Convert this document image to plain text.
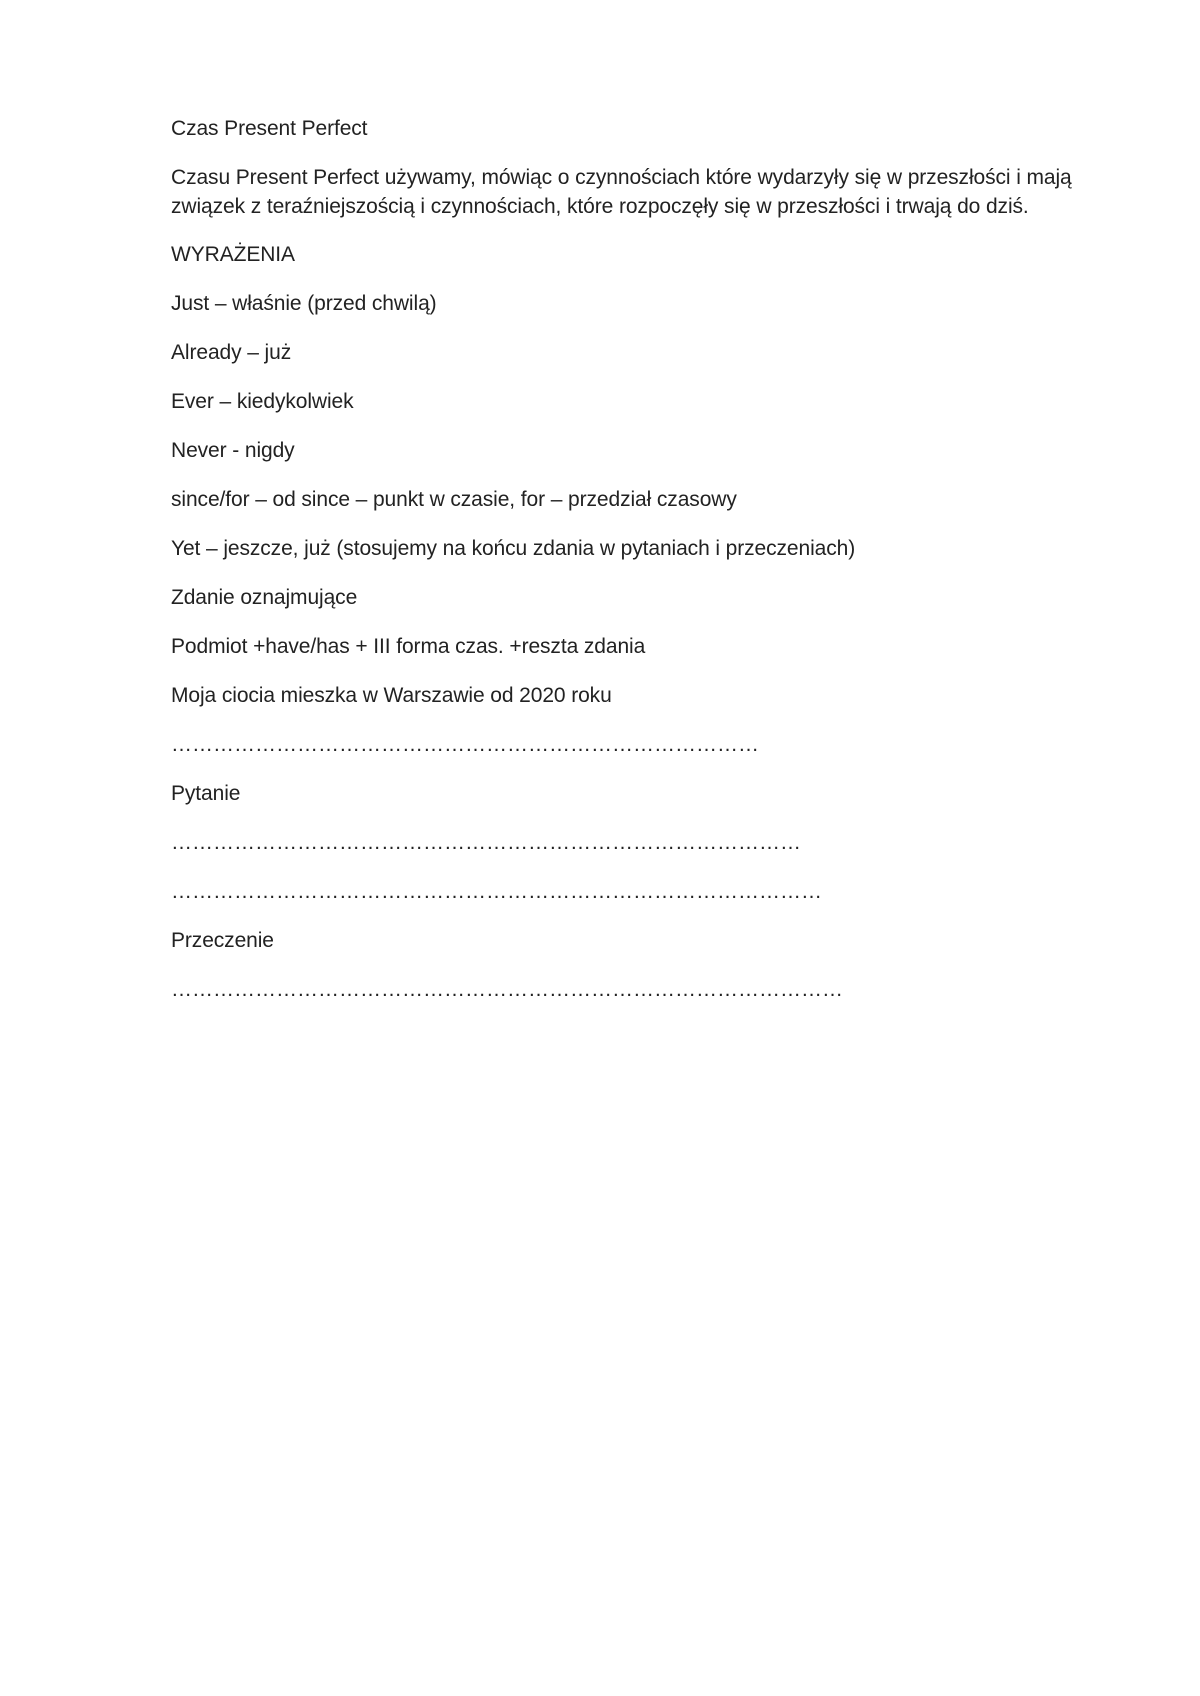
Czas Present Perfect

Czasu Present Perfect używamy, mówiąc o czynnościach które wydarzyły się w przeszłości i mają związek z teraźniejszością i czynnościach, które rozpoczęły się w przeszłości i trwają do dziś.

WYRAŻENIA

Just – właśnie (przed chwilą)

Already – już

Ever – kiedykolwiek

Never - nigdy

since/for – od since – punkt w czasie, for – przedział czasowy

Yet – jeszcze, już (stosujemy na końcu zdania w pytaniach i przeczeniach)

Zdanie oznajmujące

Podmiot +have/has + III forma czas. +reszta zdania

Moja ciocia mieszka w Warszawie od 2020 roku

…………………………………………………………………………

Pytanie

………………………………………………………………………………

…………………………………………………………………………………

Przeczenie

……………………………………………………………………………………
